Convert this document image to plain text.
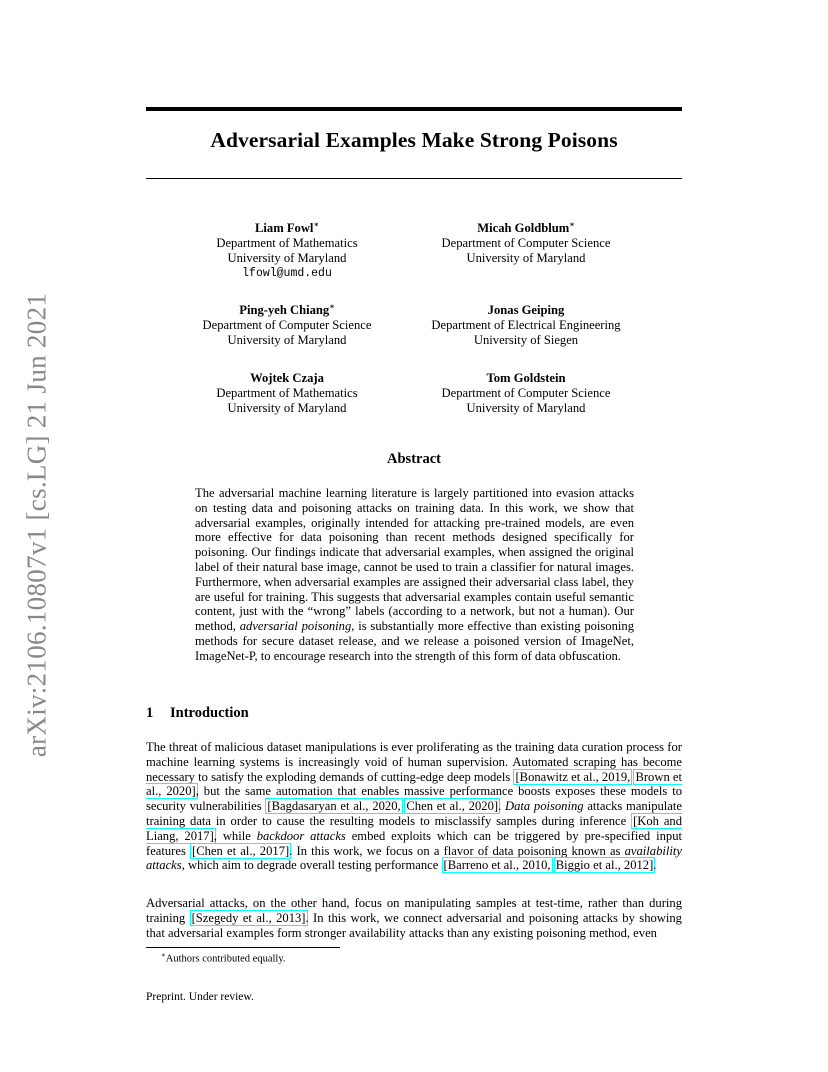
Adversarial Examples Make Strong Poisons
arXiv:2106.10807v1 [cs.LG] 21 Jun 2021
Liam Fowl∗
Department of Mathematics
University of Maryland
lfowl@umd.edu
Micah Goldblum∗
Department of Computer Science
University of Maryland
Ping-yeh Chiang∗
Department of Computer Science
University of Maryland
Jonas Geiping
Department of Electrical Engineering
University of Siegen
Wojtek Czaja
Department of Mathematics
University of Maryland
Tom Goldstein
Department of Computer Science
University of Maryland
Abstract
The adversarial machine learning literature is largely partitioned into evasion attacks on testing data and poisoning attacks on training data. In this work, we show that adversarial examples, originally intended for attacking pre-trained models, are even more effective for data poisoning than recent methods designed specifically for poisoning. Our findings indicate that adversarial examples, when assigned the original label of their natural base image, cannot be used to train a classifier for natural images. Furthermore, when adversarial examples are assigned their adversarial class label, they are useful for training. This suggests that adversarial examples contain useful semantic content, just with the “wrong” labels (according to a network, but not a human). Our method, adversarial poisoning, is substantially more effective than existing poisoning methods for secure dataset release, and we release a poisoned version of ImageNet, ImageNet-P, to encourage research into the strength of this form of data obfuscation.
1 Introduction
The threat of malicious dataset manipulations is ever proliferating as the training data curation process for machine learning systems is increasingly void of human supervision. Automated scraping has become necessary to satisfy the exploding demands of cutting-edge deep models [Bonawitz et al., 2019, Brown et al., 2020], but the same automation that enables massive performance boosts exposes these models to security vulnerabilities [Bagdasaryan et al., 2020, Chen et al., 2020]. Data poisoning attacks manipulate training data in order to cause the resulting models to misclassify samples during inference [Koh and Liang, 2017], while backdoor attacks embed exploits which can be triggered by pre-specified input features [Chen et al., 2017]. In this work, we focus on a flavor of data poisoning known as availability attacks, which aim to degrade overall testing performance [Barreno et al., 2010, Biggio et al., 2012].
Adversarial attacks, on the other hand, focus on manipulating samples at test-time, rather than during training [Szegedy et al., 2013]. In this work, we connect adversarial and poisoning attacks by showing that adversarial examples form stronger availability attacks than any existing poisoning method, even
∗Authors contributed equally.
Preprint. Under review.
